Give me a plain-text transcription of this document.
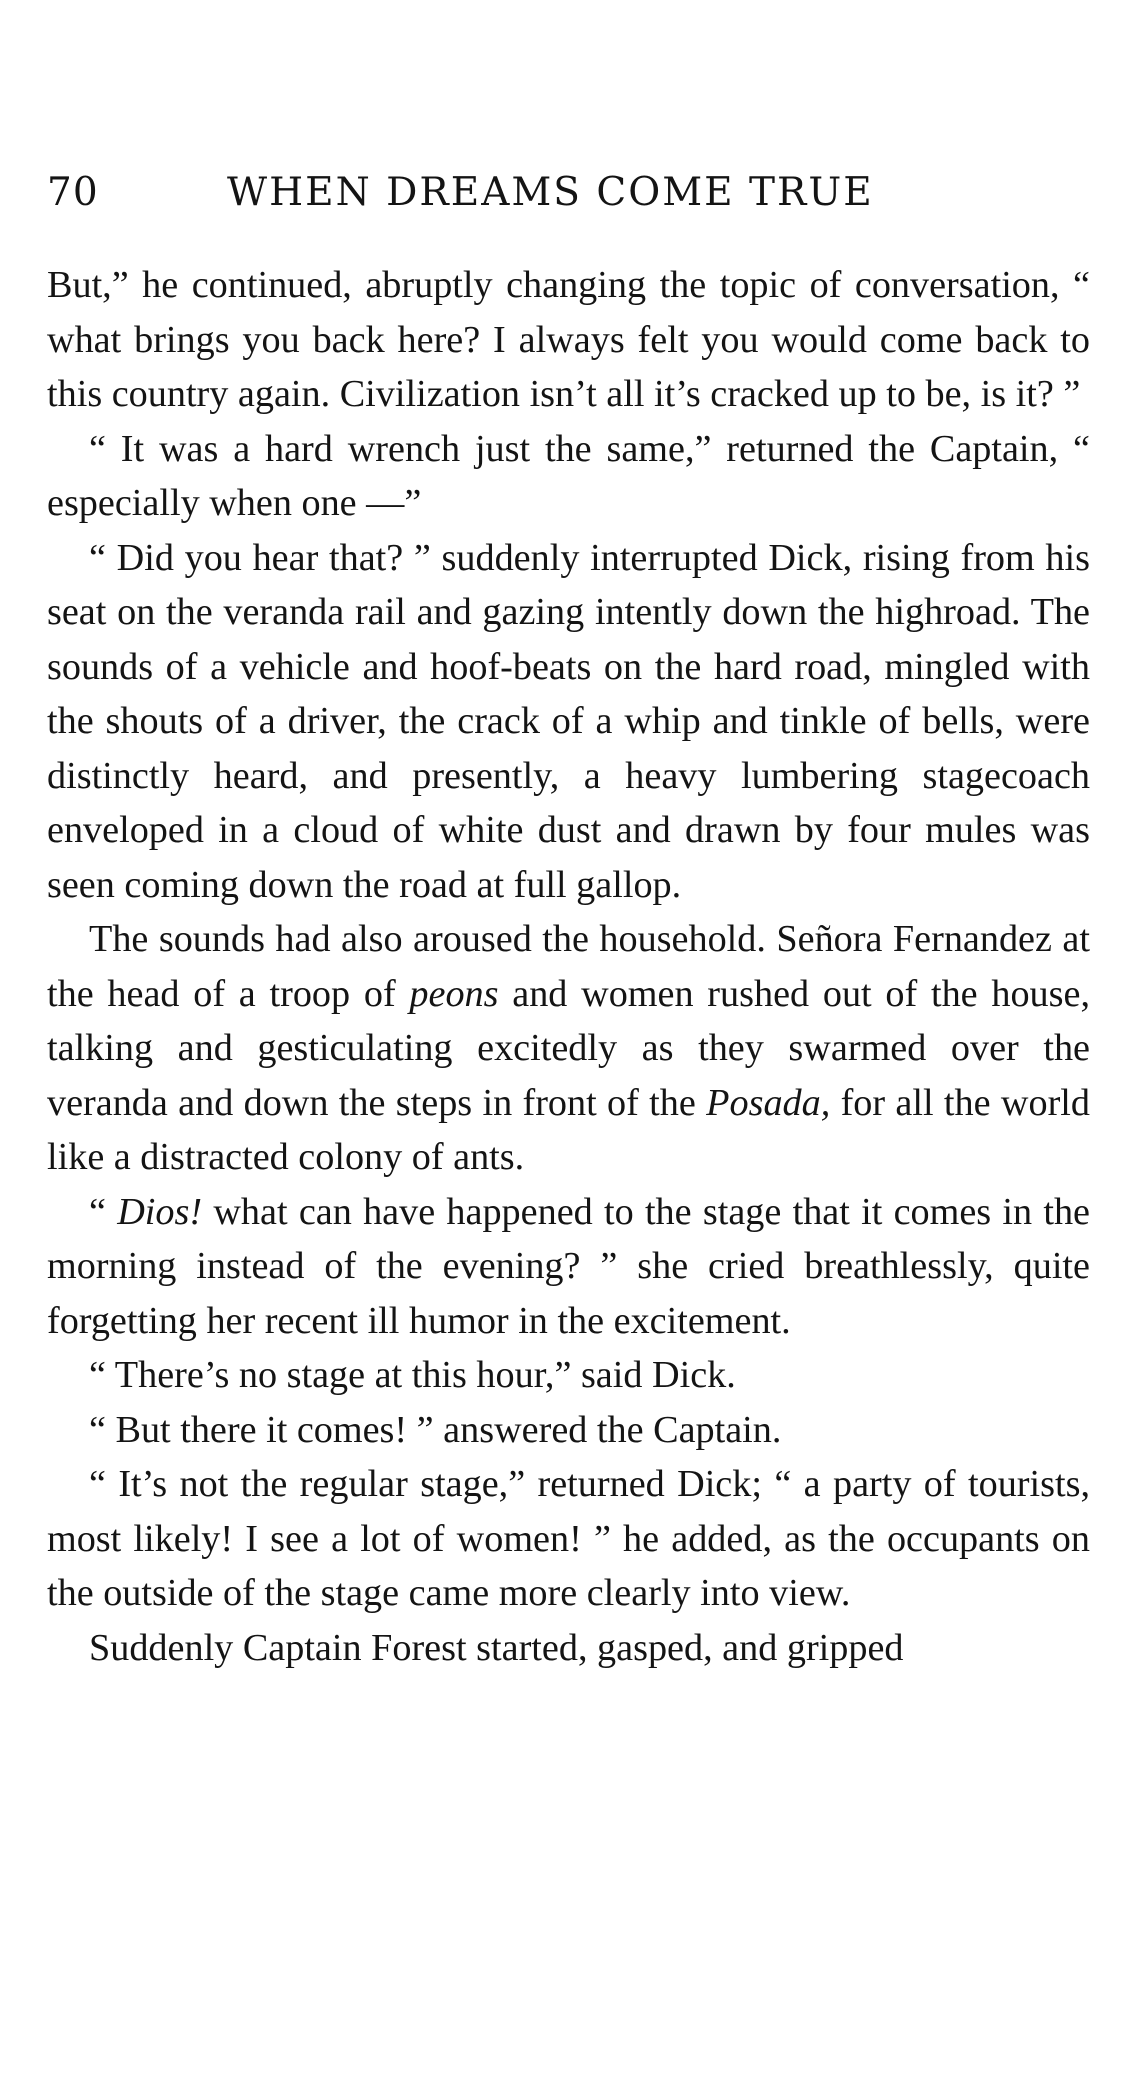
70	WHEN DREAMS COME TRUE

But,” he continued, abruptly changing the topic of conversation, “ what brings you back here? I always felt you would come back to this country again. Civilization isn’t all it’s cracked up to be, is it? ”

“ It was a hard wrench just the same,” returned the Captain, “ especially when one —”

“ Did you hear that? ” suddenly interrupted Dick, rising from his seat on the veranda rail and gazing intently down the highroad. The sounds of a vehicle and hoof-beats on the hard road, mingled with the shouts of a driver, the crack of a whip and tinkle of bells, were distinctly heard, and presently, a heavy lumbering stagecoach enveloped in a cloud of white dust and drawn by four mules was seen coming down the road at full gallop.

The sounds had also aroused the household. Señora Fernandez at the head of a troop of peons and women rushed out of the house, talking and gesticulating excitedly as they swarmed over the veranda and down the steps in front of the Posada, for all the world like a distracted colony of ants.

“ Dios! what can have happened to the stage that it comes in the morning instead of the evening? ” she cried breathlessly, quite forgetting her recent ill humor in the excitement.

“ There’s no stage at this hour,” said Dick.

“ But there it comes! ” answered the Captain.

“ It’s not the regular stage,” returned Dick; “ a party of tourists, most likely! I see a lot of women! ” he added, as the occupants on the outside of the stage came more clearly into view.

Suddenly Captain Forest started, gasped, and gripped
